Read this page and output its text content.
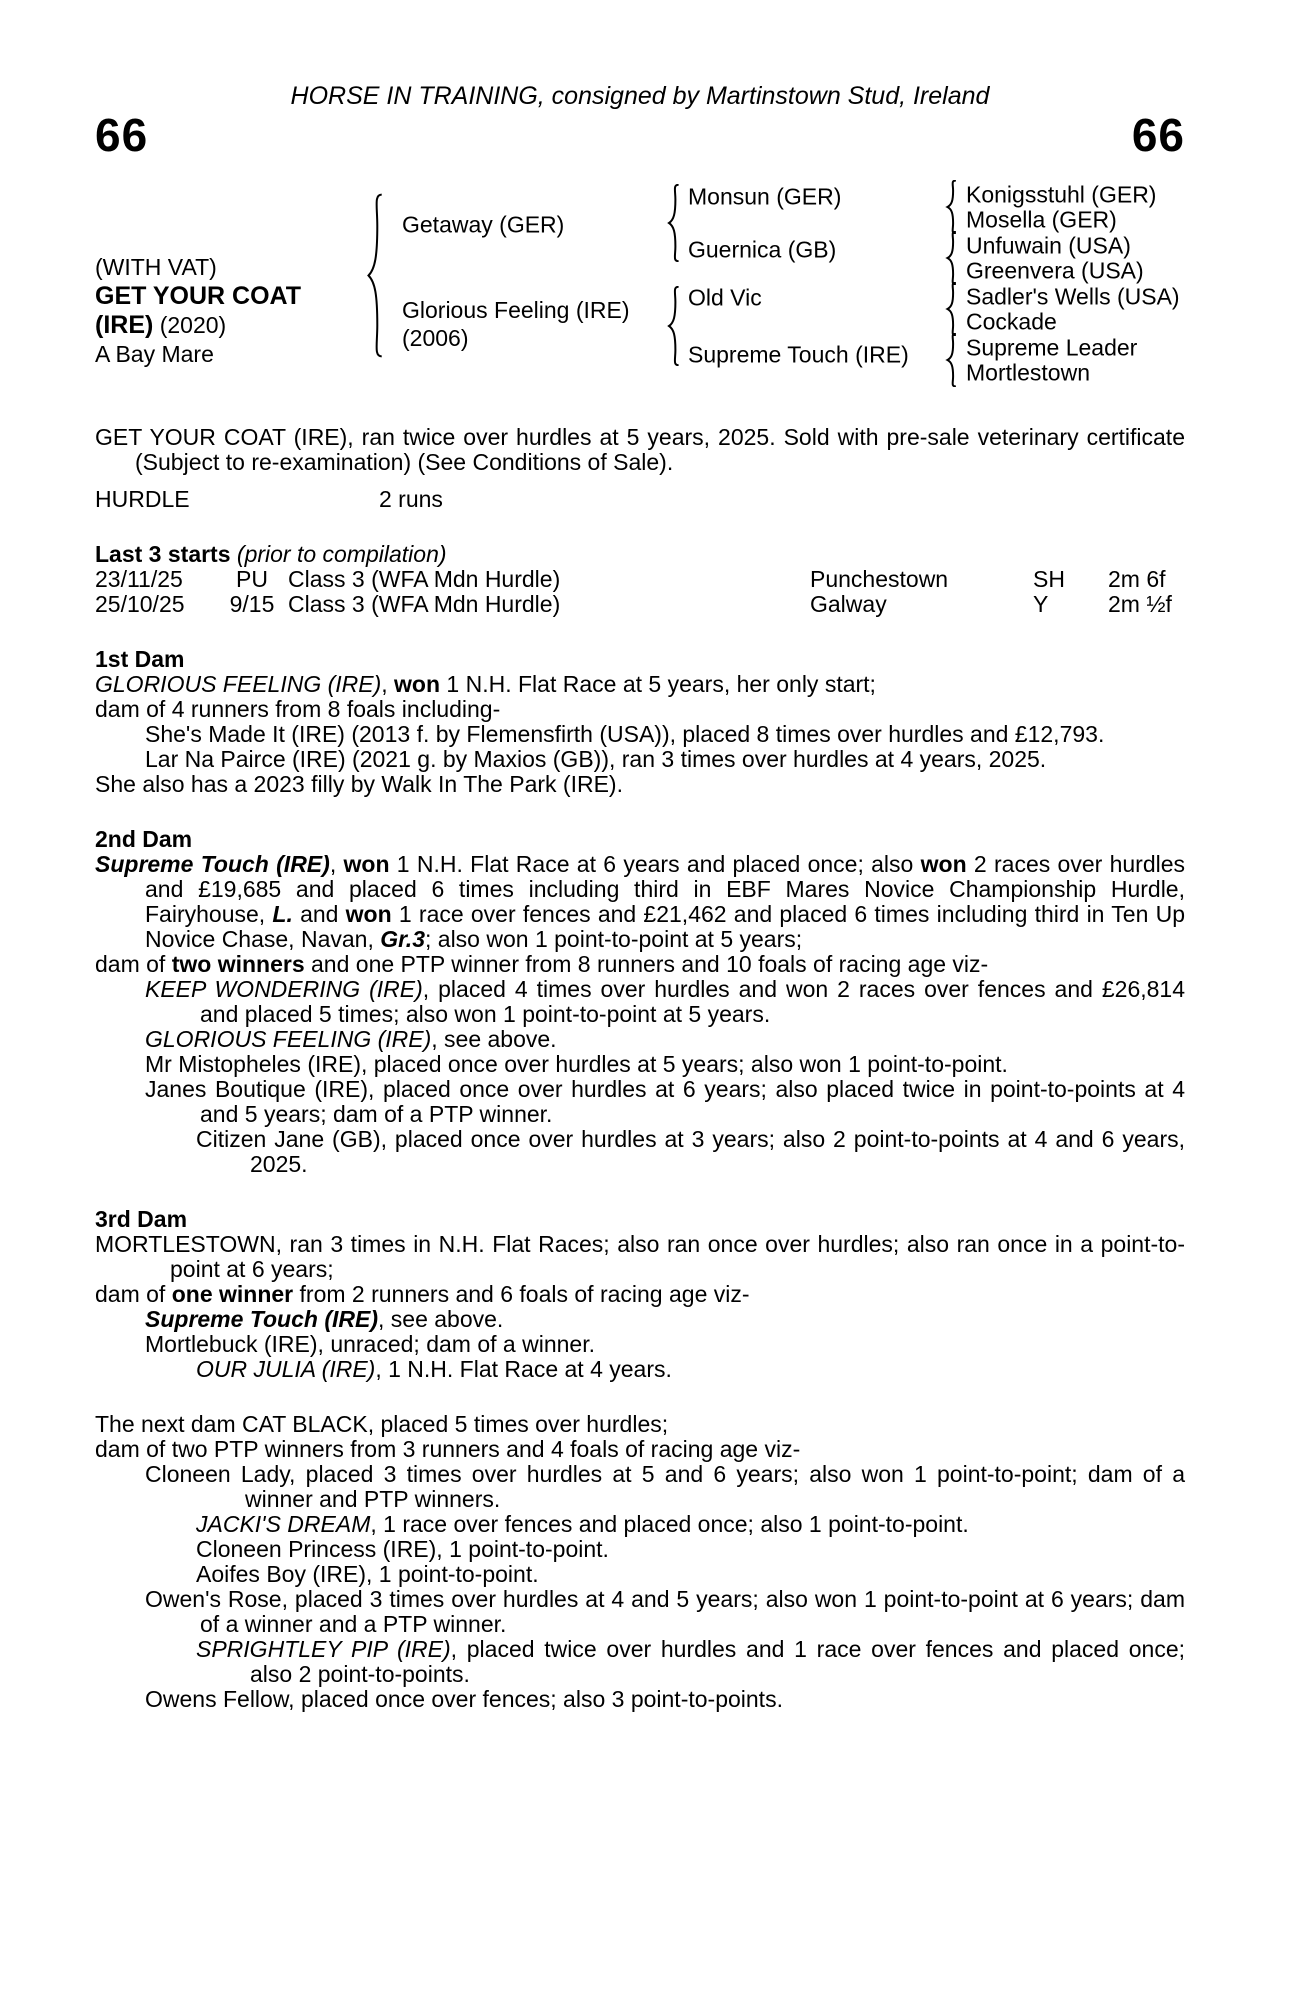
HORSE IN TRAINING, consigned by Martinstown Stud, Ireland
66	66
(WITH VAT)
GET YOUR COAT
(IRE) (2020)
A Bay Mare
Getaway (GER)
Glorious Feeling (IRE)
(2006)
Monsun (GER)
Guernica (GB)
Old Vic
Supreme Touch (IRE)
Konigsstuhl (GER)
Mosella (GER)
Unfuwain (USA)
Greenvera (USA)
Sadler's Wells (USA)
Cockade
Supreme Leader
Mortlestown

GET YOUR COAT (IRE), ran twice over hurdles at 5 years, 2025. Sold with pre-sale veterinary certificate (Subject to re-examination) (See Conditions of Sale).

HURDLE	2 runs
Last 3 starts (prior to compilation)
23/11/25	PU Class 3 (WFA Mdn Hurdle)	Punchestown	SH 2m 6f
25/10/25	9/15 Class 3 (WFA Mdn Hurdle)	Galway	Y	2m ½f
1st Dam

GLORIOUS FEELING (IRE), won 1 N.H. Flat Race at 5 years, her only start;

dam of 4 runners from 8 foals including-

She's Made It (IRE) (2013 f. by Flemensfirth (USA)), placed 8 times over hurdles and £12,793.

Lar Na Pairce (IRE) (2021 g. by Maxios (GB)), ran 3 times over hurdles at 4 years, 2025.

She also has a 2023 filly by Walk In The Park (IRE).

2nd Dam

Supreme Touch (IRE), won 1 N.H. Flat Race at 6 years and placed once; also won 2 races over hurdles and £19,685 and placed 6 times including third in EBF Mares Novice Championship Hurdle, Fairyhouse, L. and won 1 race over fences and £21,462 and placed 6 times including third in Ten Up Novice Chase, Navan, Gr.3; also won 1 point-to-point at 5 years;

dam of two winners and one PTP winner from 8 runners and 10 foals of racing age viz-

KEEP WONDERING (IRE), placed 4 times over hurdles and won 2 races over fences and £26,814 and placed 5 times; also won 1 point-to-point at 5 years.

GLORIOUS FEELING (IRE), see above.

Mr Mistopheles (IRE), placed once over hurdles at 5 years; also won 1 point-to-point.

Janes Boutique (IRE), placed once over hurdles at 6 years; also placed twice in point-to-points at 4 and 5 years; dam of a PTP winner.

Citizen Jane (GB), placed once over hurdles at 3 years; also 2 point-to-points at 4 and 6 years, 2025.

3rd Dam

MORTLESTOWN, ran 3 times in N.H. Flat Races; also ran once over hurdles; also ran once in a point-to-point at 6 years;

dam of one winner from 2 runners and 6 foals of racing age viz-

Supreme Touch (IRE), see above.

Mortlebuck (IRE), unraced; dam of a winner.

OUR JULIA (IRE), 1 N.H. Flat Race at 4 years.

The next dam CAT BLACK, placed 5 times over hurdles;

dam of two PTP winners from 3 runners and 4 foals of racing age viz-

Cloneen Lady, placed 3 times over hurdles at 5 and 6 years; also won 1 point-to-point; dam of a winner and PTP winners.

JACKI'S DREAM, 1 race over fences and placed once; also 1 point-to-point.

Cloneen Princess (IRE), 1 point-to-point.

Aoifes Boy (IRE), 1 point-to-point.

Owen's Rose, placed 3 times over hurdles at 4 and 5 years; also won 1 point-to-point at 6 years; dam of a winner and a PTP winner.

SPRIGHTLEY PIP (IRE), placed twice over hurdles and 1 race over fences and placed once; also 2 point-to-points.

Owens Fellow, placed once over fences; also 3 point-to-points.
